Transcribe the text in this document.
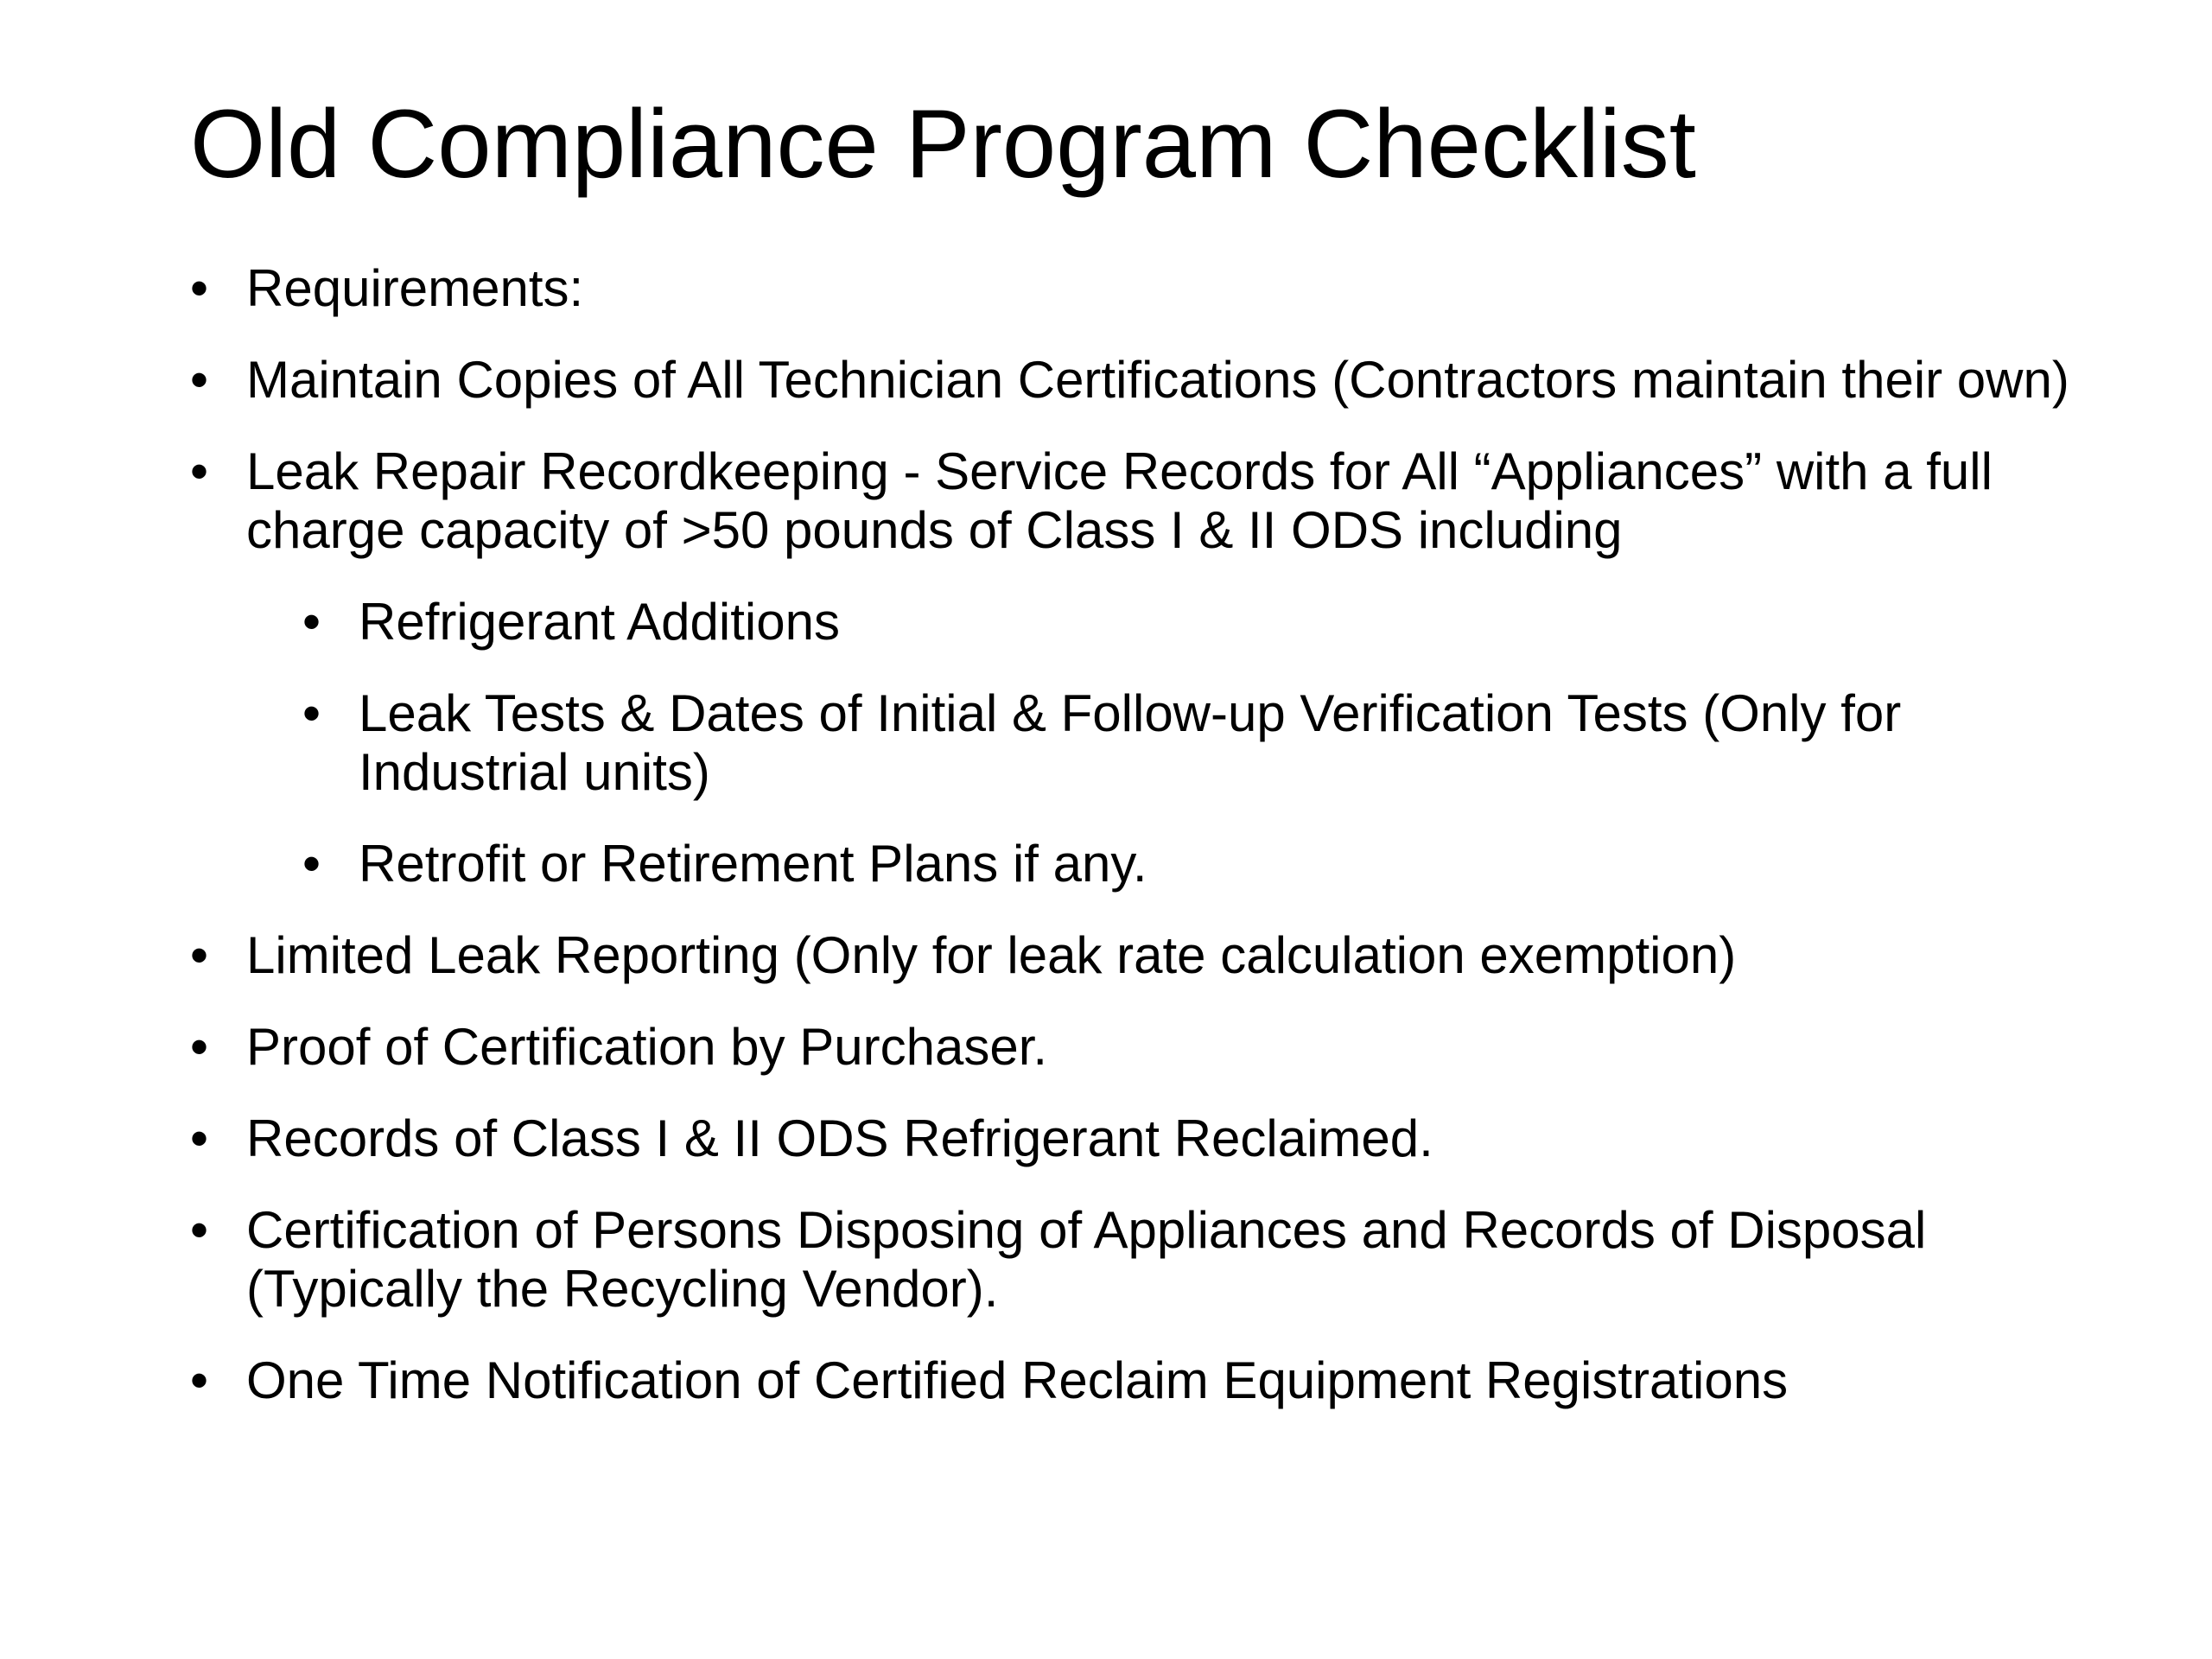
Old Compliance Program Checklist
• Requirements:
• Maintain Copies of All Technician Certifications (Contractors maintain their own)
• Leak Repair Recordkeeping - Service Records for All “Appliances” with a full charge capacity of >50 pounds of Class I & II ODS including
• Refrigerant Additions
• Leak Tests & Dates of Initial & Follow-up Verification Tests (Only for Industrial units)
• Retrofit or Retirement Plans if any.
• Limited Leak Reporting (Only for leak rate calculation exemption)
• Proof of Certification by Purchaser.
• Records of Class I & II ODS Refrigerant Reclaimed.
• Certification of Persons Disposing of Appliances and Records of Disposal (Typically the Recycling Vendor).
• One Time Notification of Certified Reclaim Equipment Registrations
